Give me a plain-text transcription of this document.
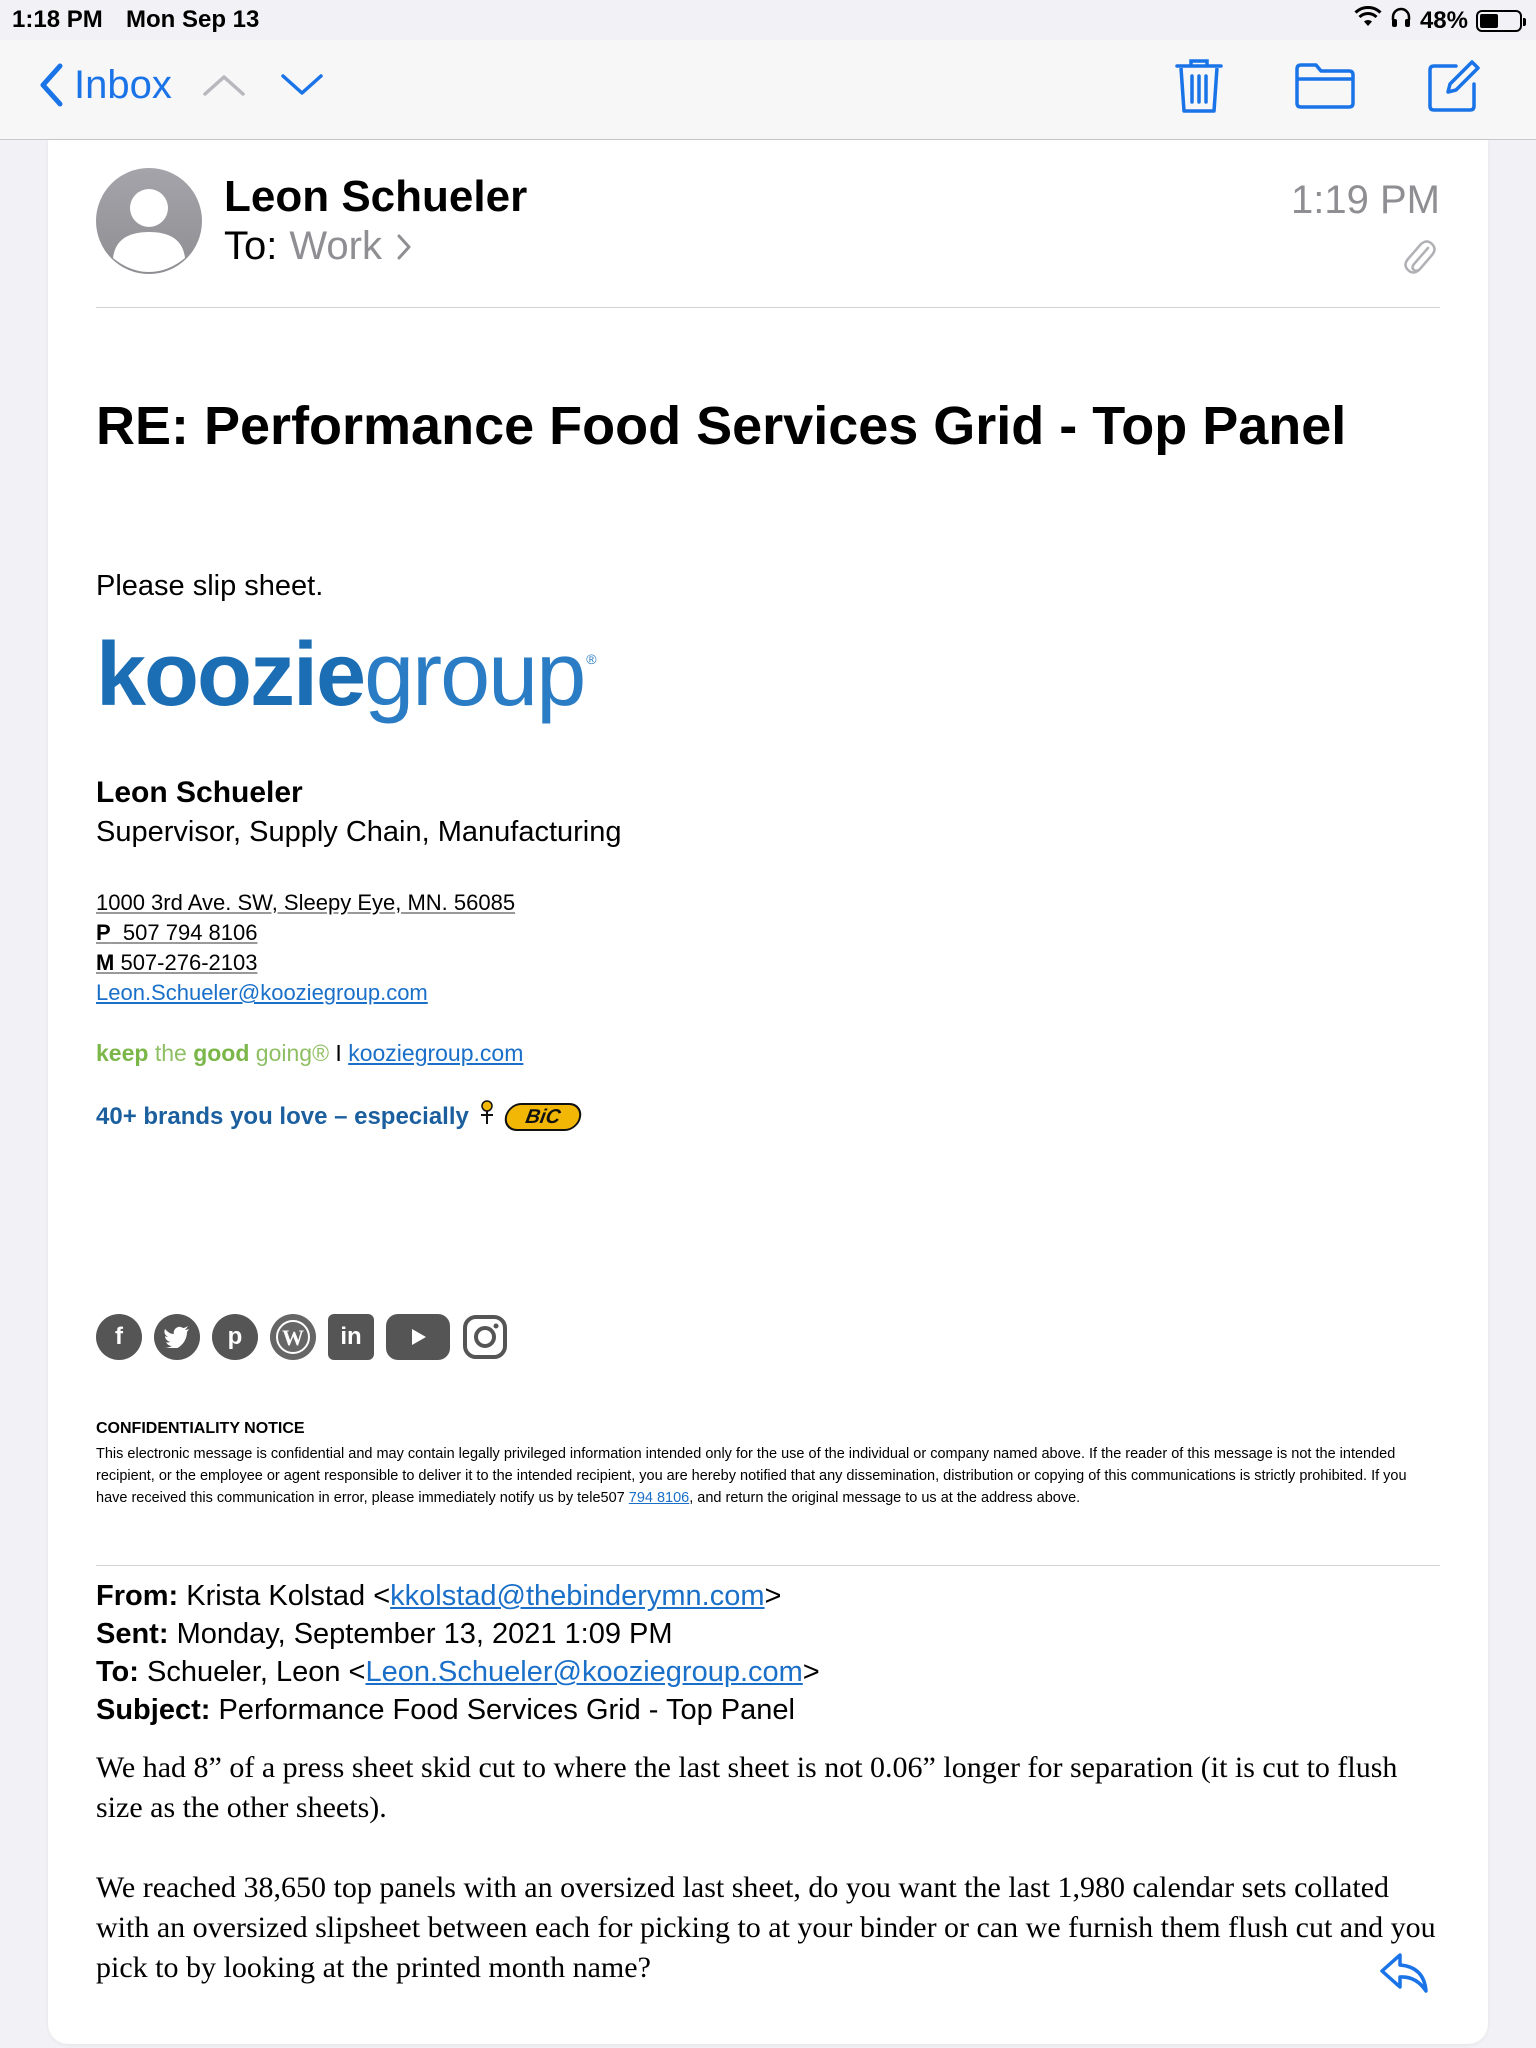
1:18 PM Mon Sep 13	48%
Inbox
Leon Schueler
To: Work
1:19 PM
RE: Performance Food Services Grid - Top Panel
Please slip sheet.
kooziegroup ®
Leon Schueler
Supervisor, Supply Chain, Manufacturing
1000 3rd Ave. SW, Sleepy Eye, MN. 56085
P 507 794 8106
M 507-276-2103
Leon.Schueler@kooziegroup.com
keep the good going® I kooziegroup.com
40+ brands you love – especially	BiC
f	p	W	in
CONFIDENTIALITY NOTICE
This electronic message is confidential and may contain legally privileged information intended only for the use of the individual or company named above. If the reader of this message is not the intended recipient, or the employee or agent responsible to deliver it to the intended recipient, you are hereby notified that any dissemination, distribution or copying of this communications is strictly prohibited. If you have received this communication in error, please immediately notify us by tele507 794 8106, and return the original message to us at the address above.
From: Krista Kolstad <kkolstad@thebinderymn.com>
Sent: Monday, September 13, 2021 1:09 PM
To: Schueler, Leon <Leon.Schueler@kooziegroup.com>
Subject: Performance Food Services Grid - Top Panel
We had 8” of a press sheet skid cut to where the last sheet is not 0.06” longer for separation (it is cut to flush size as the other sheets).
We reached 38,650 top panels with an oversized last sheet, do you want the last 1,980 calendar sets collated with an oversized slipsheet between each for picking to at your binder or can we furnish them flush cut and you pick to by looking at the printed month name?
